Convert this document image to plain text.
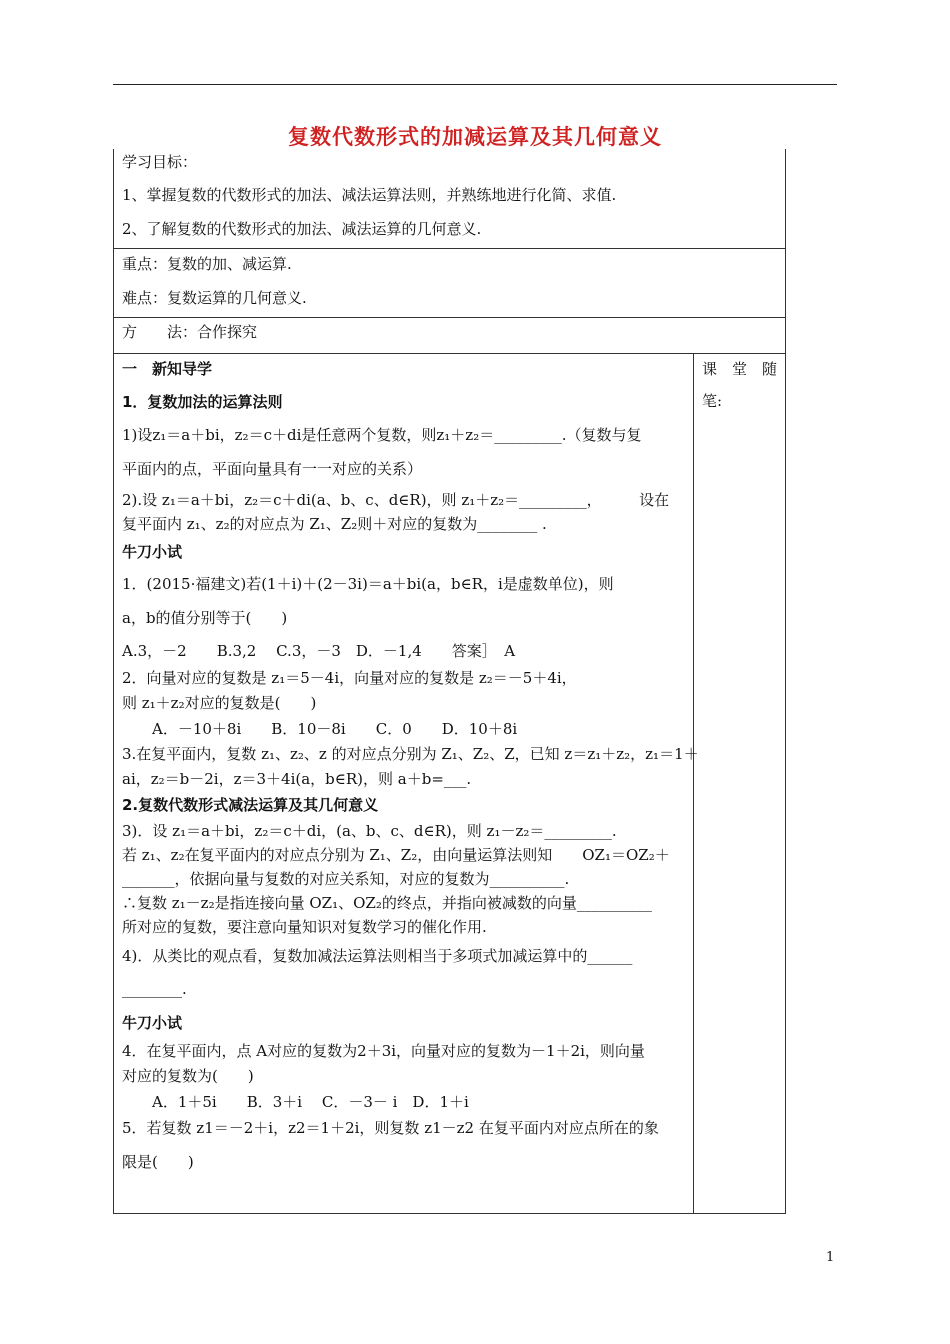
复数代数形式的加减运算及其几何意义
学习目标：
1、掌握复数的代数形式的加法、减法运算法则，并熟练地进行化简、求值.
2、了解复数的代数形式的加法、减法运算的几何意义.

重点：复数的加、减运算.
难点：复数运算的几何意义.

方　　法：合作探究

一　新知导学
1．复数加法的运算法则
1)设z₁＝a＋bi，z₂＝c＋di是任意两个复数，则z₁＋z₂＝_________.（复数与复
平面内的点，平面向量具有一一对应的关系）
2).设 z₁＝a＋bi，z₂＝c＋di(a、b、c、d∈R)，则 z₁＋z₂＝_________，　　　设在
复平面内 z₁、z₂的对应点为 Z₁、Z₂则＋对应的复数为________ .
牛刀小试
1．(2015·福建文)若(1＋i)＋(2－3i)＝a＋bi(a，b∈R，i是虚数单位)，则
a，b的值分别等于(　　)
A.3，－2　　B.3,2　 C.3，－3　D．－1,4　　答案］　A
2．向量对应的复数是 z₁＝5－4i，向量对应的复数是 z₂＝－5＋4i，
则 z₁＋z₂对应的复数是(　　)
　　A．－10＋8i　　B．10－8i　　C．0　　D．10＋8i
3.在复平面内，复数 z₁、z₂、z 的对应点分别为 Z₁、Z₂、Z，已知 z＝z₁＋z₂，z₁＝1＋
ai，z₂＝b－2i，z＝3＋4i(a，b∈R)，则 a＋b=___.
2.复数代数形式减法运算及其几何意义
3)．设 z₁＝a＋bi，z₂＝c＋di，(a、b、c、d∈R)，则 z₁－z₂＝_________.
若 z₁、z₂在复平面内的对应点分别为 Z₁、Z₂，由向量运算法则知　　OZ₁＝OZ₂＋
_______，依据向量与复数的对应关系知，对应的复数为__________.
∴复数 z₁－z₂是指连接向量 OZ₁、OZ₂的终点，并指向被减数的向量__________
所对应的复数，要注意向量知识对复数学习的催化作用.
4)．从类比的观点看，复数加减法运算法则相当于多项式加减运算中的______
________.
牛刀小试
4．在复平面内，点 A对应的复数为2＋3i，向量对应的复数为－1＋2i，则向量
对应的复数为(　　)
　　A．1＋5i　　B．3＋i　 C．－3－ i　D．1＋i
5．若复数 z1＝－2＋i，z2＝1＋2i，则复数 z1－z2 在复平面内对应点所在的象
限是(　　)

课　堂　随
笔:
1
